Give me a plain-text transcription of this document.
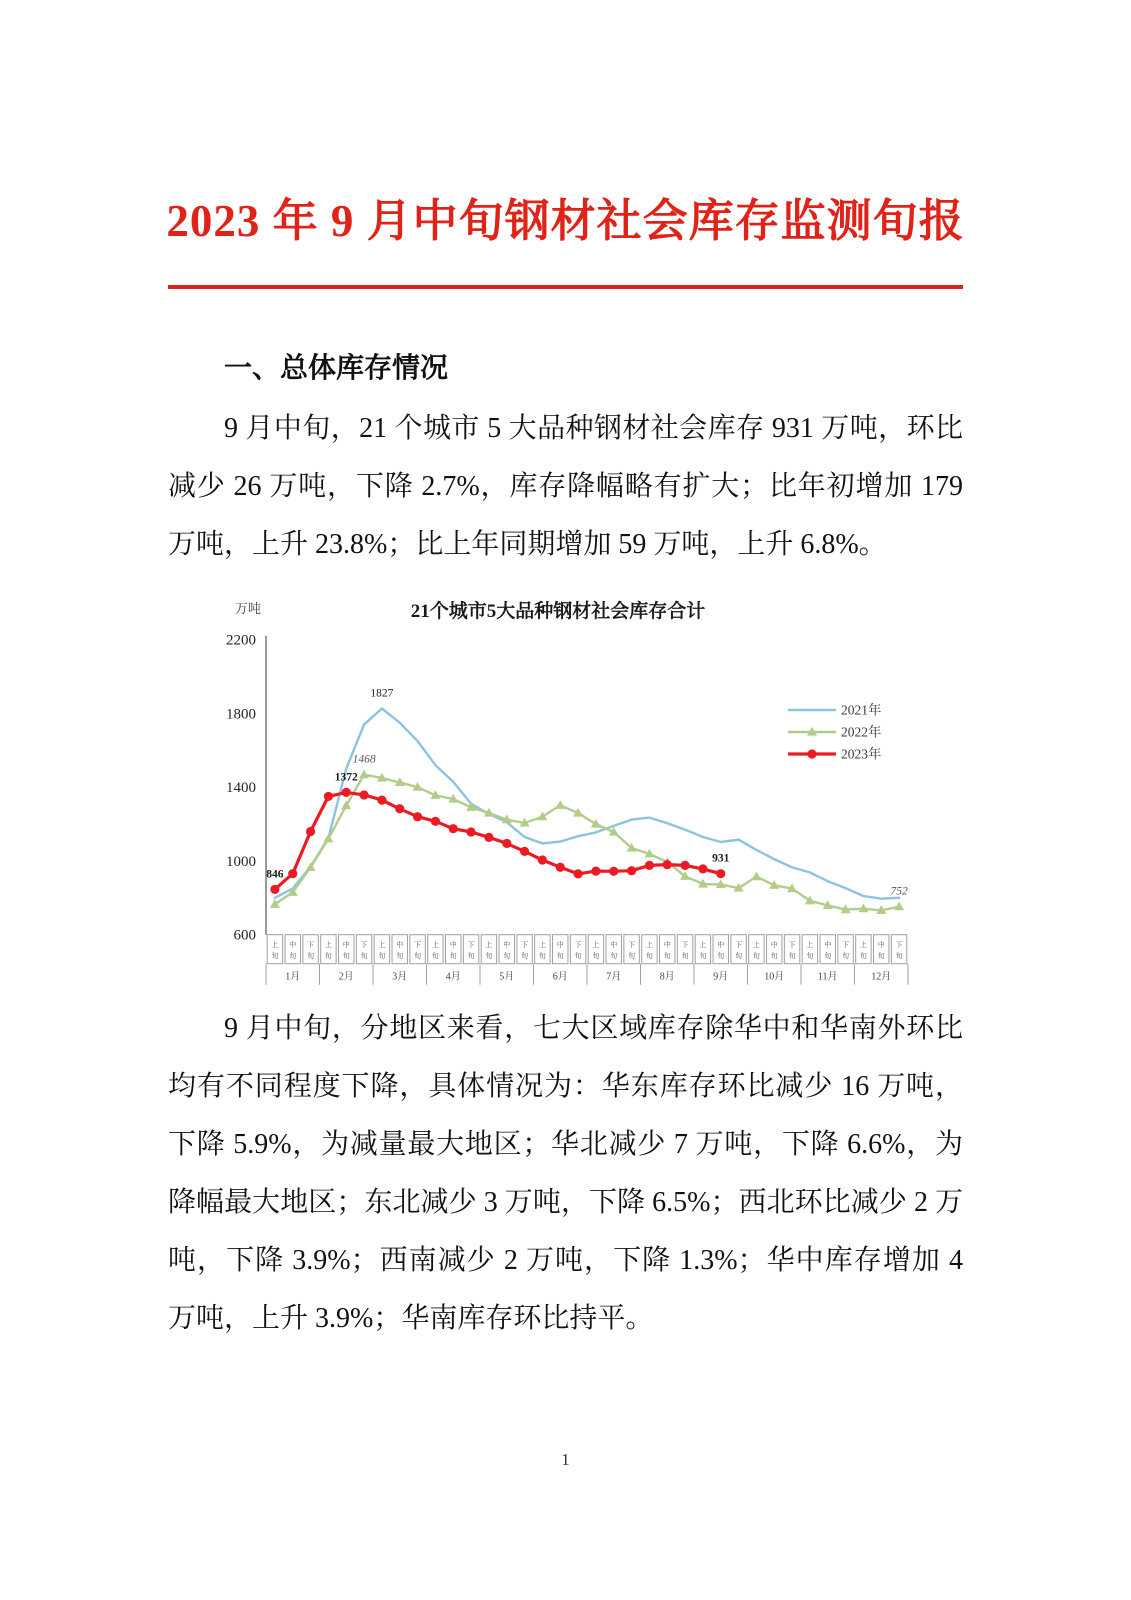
2023 年 9 月中旬钢材社会库存监测旬报
一、总体库存情况

9 月中旬，21 个城市 5 大品种钢材社会库存 931 万吨，环比减少 26 万吨，下降 2.7%，库存降幅略有扩大；比年初增加 179 万吨，上升 23.8%；比上年同期增加 59 万吨，上升 6.8%。

21个城市5大品种钢材社会库存合计
万吨
600
1000
1400
1800
2200
上
旬
中
旬
下
旬
1月
上
旬
中
旬
下
旬
2月
上
旬
中
旬
下
旬
3月
上
旬
中
旬
下
旬
4月
上
旬
中
旬
下
旬
5月
上
旬
中
旬
下
旬
6月
上
旬
中
旬
下
旬
7月
上
旬
中
旬
下
旬
8月
上
旬
中
旬
下
旬
9月
上
旬
中
旬
下
旬
10月
上
旬
中
旬
下
旬
11月
上
旬
中
旬
下
旬
12月
846
1372
1468
1827
931
752
2021年
2022年
2023年

9 月中旬，分地区来看，七大区域库存除华中和华南外环比均有不同程度下降，具体情况为：华东库存环比减少 16 万吨，下降 5.9%，为减量最大地区；华北减少 7 万吨，下降 6.6%，为降幅最大地区；东北减少 3 万吨，下降 6.5%；西北环比减少 2 万吨，下降 3.9%；西南减少 2 万吨，下降 1.3%；华中库存增加 4 万吨，上升 3.9%；华南库存环比持平。

1
